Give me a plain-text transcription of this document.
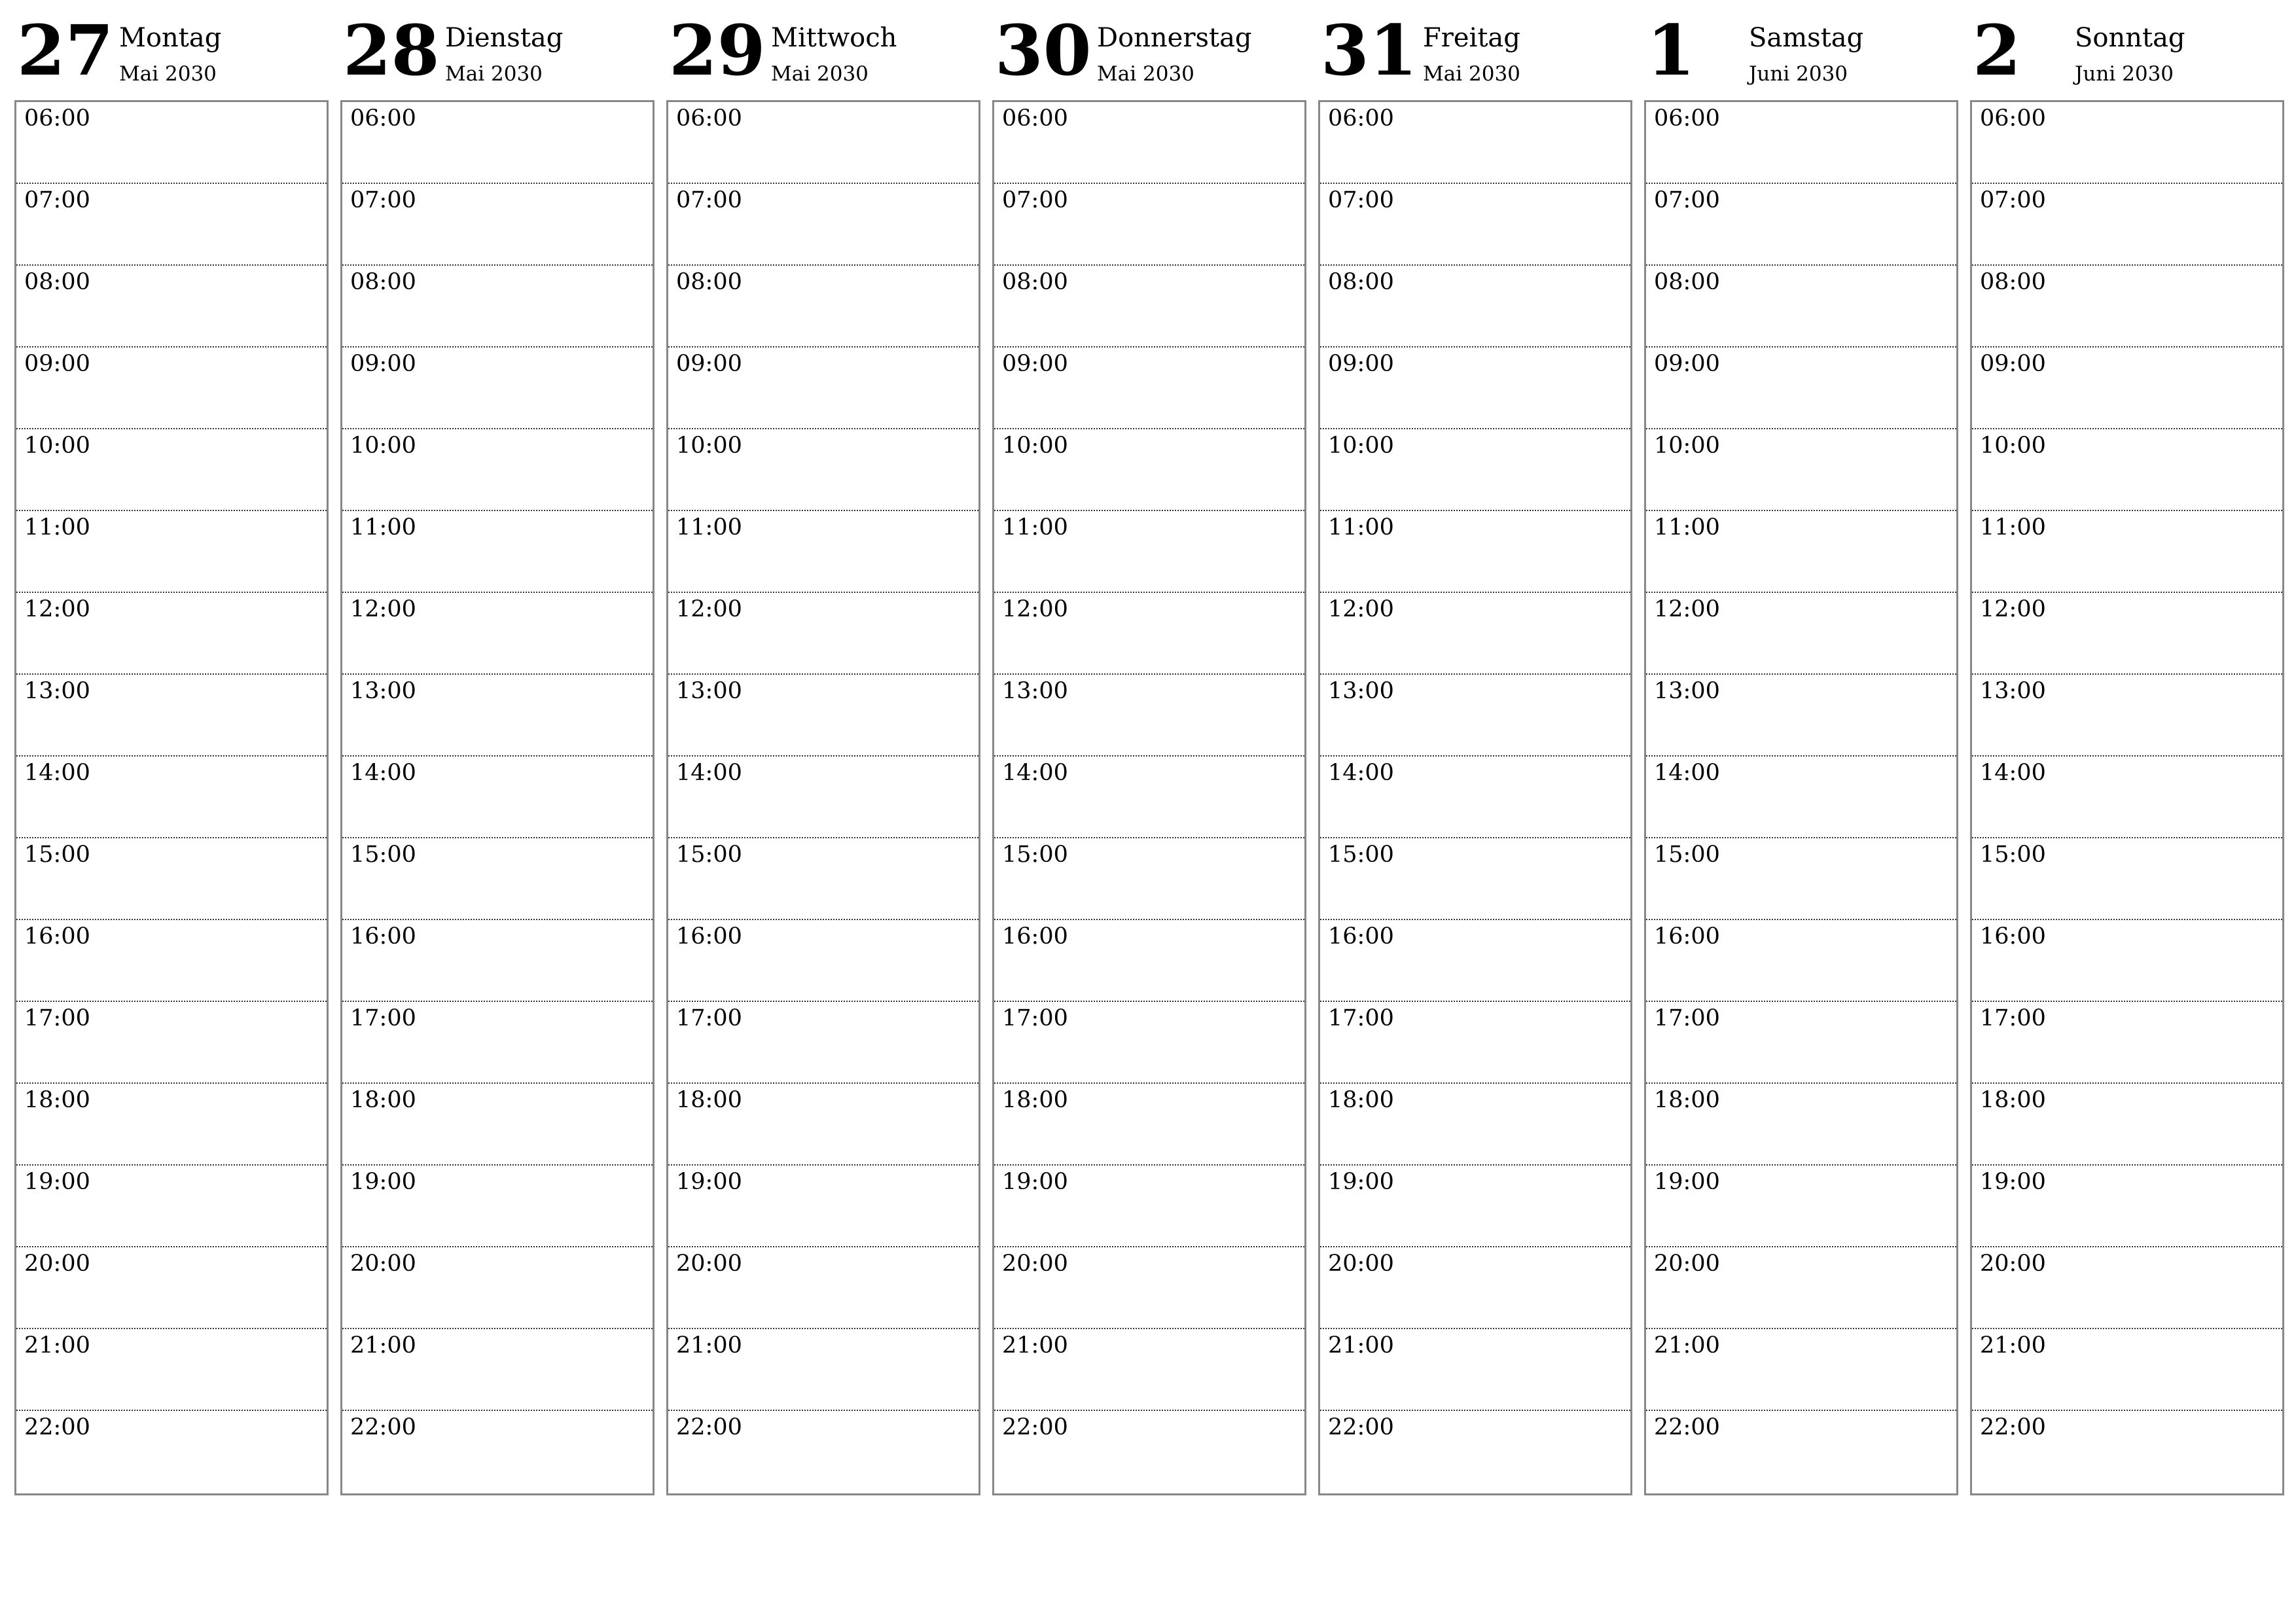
27 Montag
Mai 2030
06:00
07:00
08:00
09:00
10:00
11:00
12:00
13:00
14:00
15:00
16:00
17:00
18:00
19:00
20:00
21:00
22:00
28 Dienstag
Mai 2030
06:00
07:00
08:00
09:00
10:00
11:00
12:00
13:00
14:00
15:00
16:00
17:00
18:00
19:00
20:00
21:00
22:00
29 Mittwoch
Mai 2030
06:00
07:00
08:00
09:00
10:00
11:00
12:00
13:00
14:00
15:00
16:00
17:00
18:00
19:00
20:00
21:00
22:00
30 Donnerstag
Mai 2030
06:00
07:00
08:00
09:00
10:00
11:00
12:00
13:00
14:00
15:00
16:00
17:00
18:00
19:00
20:00
21:00
22:00
31 Freitag
Mai 2030
06:00
07:00
08:00
09:00
10:00
11:00
12:00
13:00
14:00
15:00
16:00
17:00
18:00
19:00
20:00
21:00
22:00
1 Samstag
Juni 2030
06:00
07:00
08:00
09:00
10:00
11:00
12:00
13:00
14:00
15:00
16:00
17:00
18:00
19:00
20:00
21:00
22:00
2 Sonntag
Juni 2030
06:00
07:00
08:00
09:00
10:00
11:00
12:00
13:00
14:00
15:00
16:00
17:00
18:00
19:00
20:00
21:00
22:00
